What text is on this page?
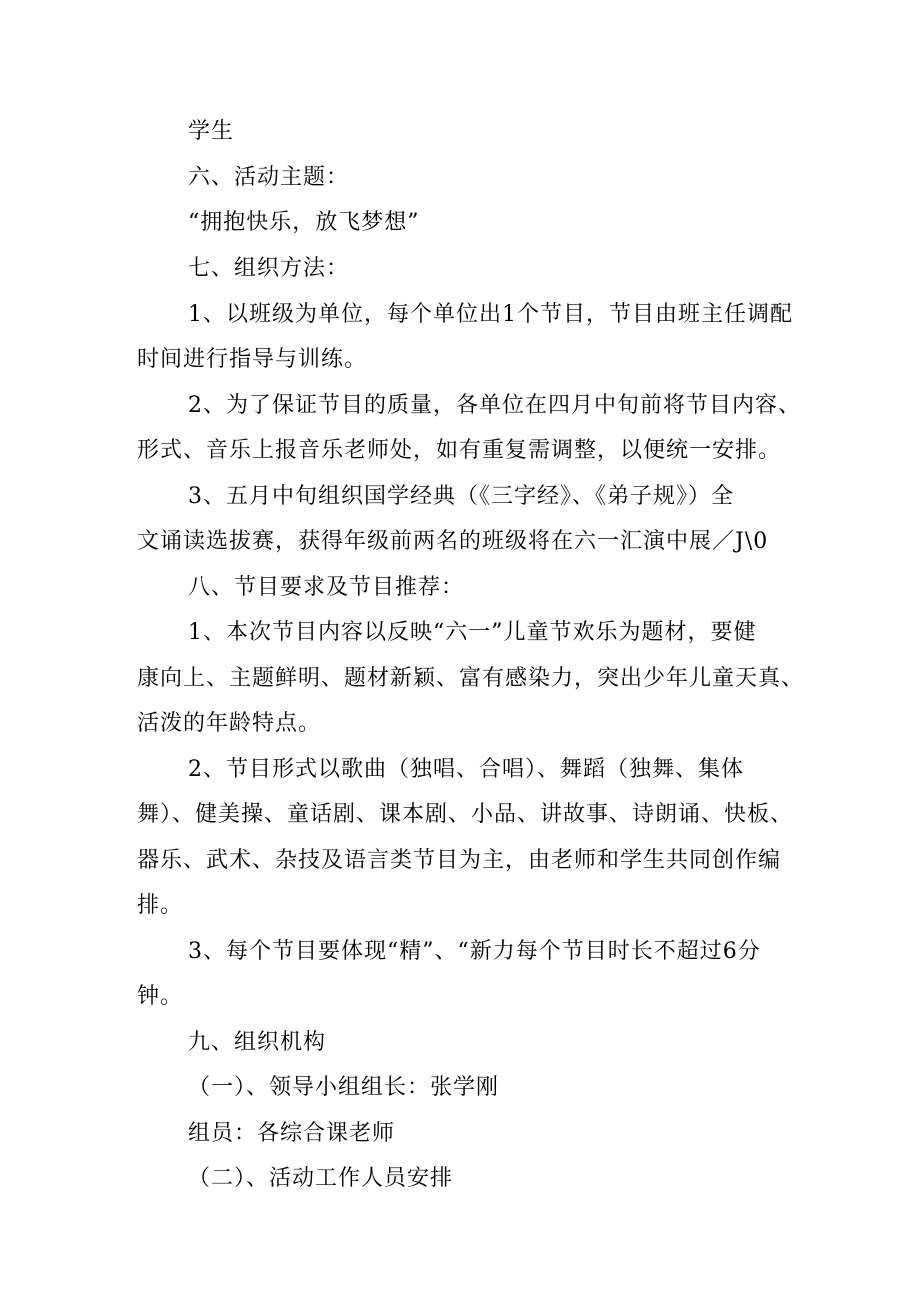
学生
六、活动主题：
“拥抱快乐，放飞梦想”
七、组织方法：
1、以班级为单位，每个单位出1个节目，节目由班主任调配
时间进行指导与训练。
2、为了保证节目的质量，各单位在四月中旬前将节目内容、
形式、音乐上报音乐老师处，如有重复需调整，以便统一安排。
3、五月中旬组织国学经典（《三字经》、《弟子规》）全
文诵读选拔赛，获得年级前两名的班级将在六一汇演中展／J\0
八、节目要求及节目推荐：
1、本次节目内容以反映“六一”儿童节欢乐为题材，要健
康向上、主题鲜明、题材新颖、富有感染力，突出少年儿童天真、
活泼的年龄特点。
2、节目形式以歌曲（独唱、合唱）、舞蹈（独舞、集体
舞）、健美操、童话剧、课本剧、小品、讲故事、诗朗诵、快板、
器乐、武术、杂技及语言类节目为主，由老师和学生共同创作编
排。
3、每个节目要体现“精”、“新力每个节目时长不超过6分
钟。
九、组织机构
（一）、领导小组组长：张学刚
组员：各综合课老师
（二）、活动工作人员安排
